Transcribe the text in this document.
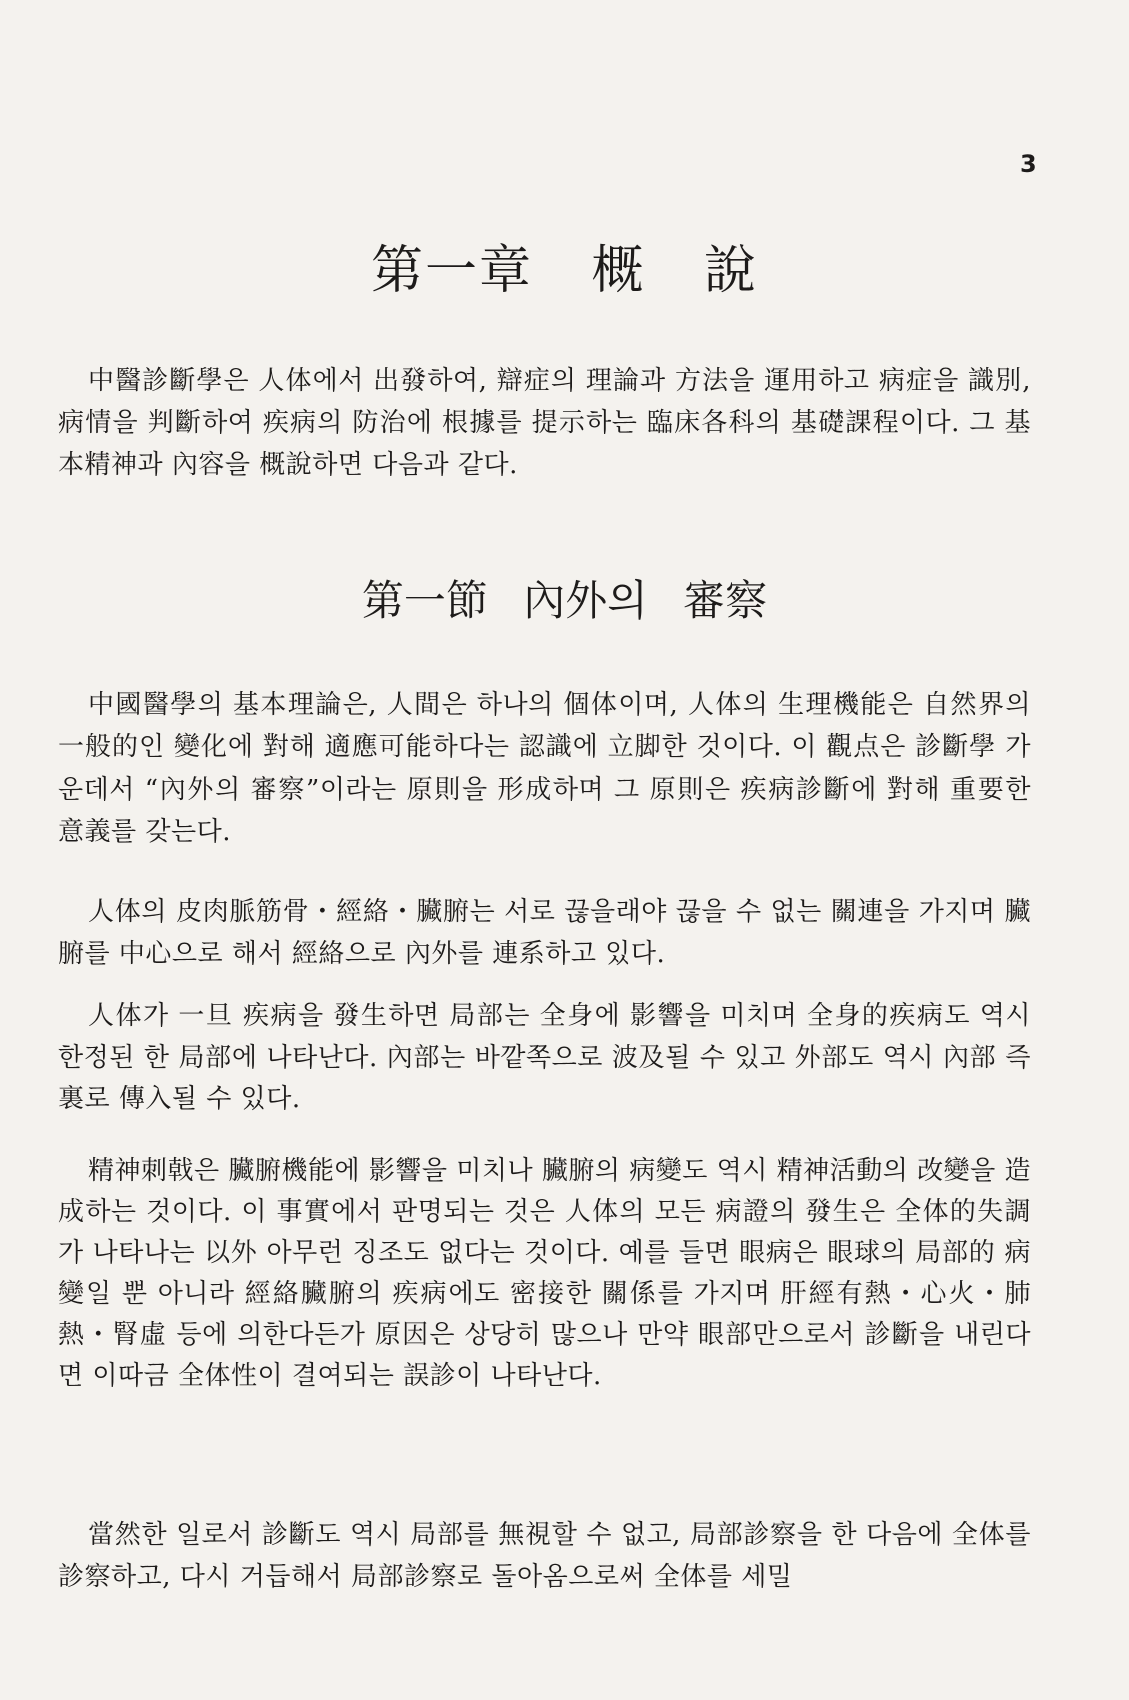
3
第一章 概 說

中醫診斷學은 人体에서 出發하여, 辯症의 理論과 方法을 運用하고 病症을 識別, 病情을 判斷하여 疾病의 防治에 根據를 提示하는 臨床各科의 基礎課程이다. 그 基本精神과 內容을 概說하면 다음과 같다.

第一節 內外의 審察

中國醫學의 基本理論은, 人間은 하나의 個体이며, 人体의 生理機能은 自然界의 一般的인 變化에 對해 適應可能하다는 認識에 立脚한 것이다. 이 觀点은 診斷學 가운데서 “內外의 審察”이라는 原則을 形成하며 그 原則은 疾病診斷에 對해 重要한 意義를 갖는다.

人体의 皮肉脈筋骨・經絡・臟腑는 서로 끊을래야 끊을 수 없는 關連을 가지며 臟腑를 中心으로 해서 經絡으로 內外를 連系하고 있다.

人体가 一旦 疾病을 發生하면 局部는 全身에 影響을 미치며 全身的疾病도 역시 한정된 한 局部에 나타난다. 內部는 바깥쪽으로 波及될 수 있고 外部도 역시 內部 즉 裏로 傳入될 수 있다.

精神刺戟은 臟腑機能에 影響을 미치나 臟腑의 病變도 역시 精神活動의 改變을 造成하는 것이다. 이 事實에서 판명되는 것은 人体의 모든 病證의 發生은 全体的失調가 나타나는 以外 아무런 징조도 없다는 것이다. 예를 들면 眼病은 眼球의 局部的 病變일 뿐 아니라 經絡臟腑의 疾病에도 密接한 關係를 가지며 肝經有熱・心火・肺熱・腎虛 등에 의한다든가 原因은 상당히 많으나 만약 眼部만으로서 診斷을 내린다면 이따금 全体性이 결여되는 誤診이 나타난다.

當然한 일로서 診斷도 역시 局部를 無視할 수 없고, 局部診察을 한 다음에 全体를 診察하고, 다시 거듭해서 局部診察로 돌아옴으로써 全体를 세밀
